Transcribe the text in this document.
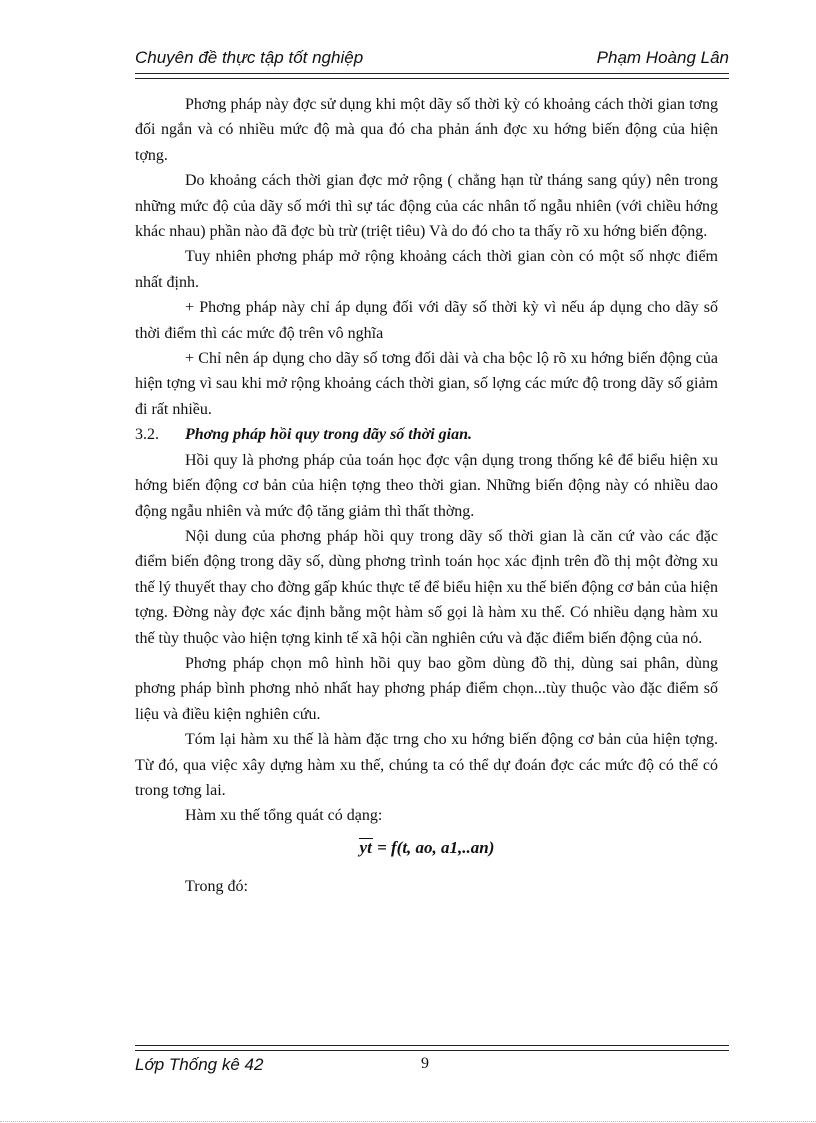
Chuyên đề thực tập tốt nghiệp	Phạm Hoàng Lân

Phơng pháp này đợc sử dụng khi một dãy số thời kỳ có khoảng cách thời gian tơng đối ngắn và có nhiều mức độ mà qua đó cha phản ánh đợc xu hớng biến động của hiện tợng.

Do khoảng cách thời gian đợc mở rộng ( chẳng hạn từ tháng sang qúy) nên trong những mức độ của dãy số mới thì sự tác động của các nhân tố ngẫu nhiên (với chiều hớng khác nhau) phần nào đã đợc bù trừ (triệt tiêu) Và do đó cho ta thấy rõ xu hớng biến động.

Tuy nhiên phơng pháp mở rộng khoảng cách thời gian còn có một số nhợc điểm nhất định.

+ Phơng pháp này chỉ áp dụng đối với dãy số thời kỳ vì nếu áp dụng cho dãy số thời điểm thì các mức độ trên vô nghĩa

+ Chỉ nên áp dụng cho dãy số tơng đối dài và cha bộc lộ rõ xu hớng biến động của hiện tợng vì sau khi mở rộng khoảng cách thời gian, số lợng các mức độ trong dãy số giảm đi rất nhiều.

3.2. Phơng pháp hồi quy trong dãy số thời gian.

Hồi quy là phơng pháp của toán học đợc vận dụng trong thống kê để biểu hiện xu hớng biến động cơ bản của hiện tợng theo thời gian. Những biến động này có nhiều dao động ngẫu nhiên và mức độ tăng giảm thì thất thờng.

Nội dung của phơng pháp hồi quy trong dãy số thời gian là căn cứ vào các đặc điểm biến động trong dãy số, dùng phơng trình toán học xác định trên đồ thị một đờng xu thế lý thuyết thay cho đờng gấp khúc thực tế để biểu hiện xu thế biến động cơ bản của hiện tợng. Đờng này đợc xác định bằng một hàm số gọi là hàm xu thế. Có nhiều dạng hàm xu thế tùy thuộc vào hiện tợng kinh tế xã hội cần nghiên cứu và đặc điểm biến động của nó.

Phơng pháp chọn mô hình hồi quy bao gồm dùng đồ thị, dùng sai phân, dùng phơng pháp bình phơng nhỏ nhất hay phơng pháp điểm chọn...tùy thuộc vào đặc điểm số liệu và điều kiện nghiên cứu.

Tóm lại hàm xu thế là hàm đặc trng cho xu hớng biến động cơ bản của hiện tợng. Từ đó, qua việc xây dựng hàm xu thế, chúng ta có thể dự đoán đợc các mức độ có thể có trong tơng lai.

Hàm xu thế tổng quát có dạng:

yt = f(t, ao, a1,..an)

Trong đó:

Lớp Thống kê 42	9
